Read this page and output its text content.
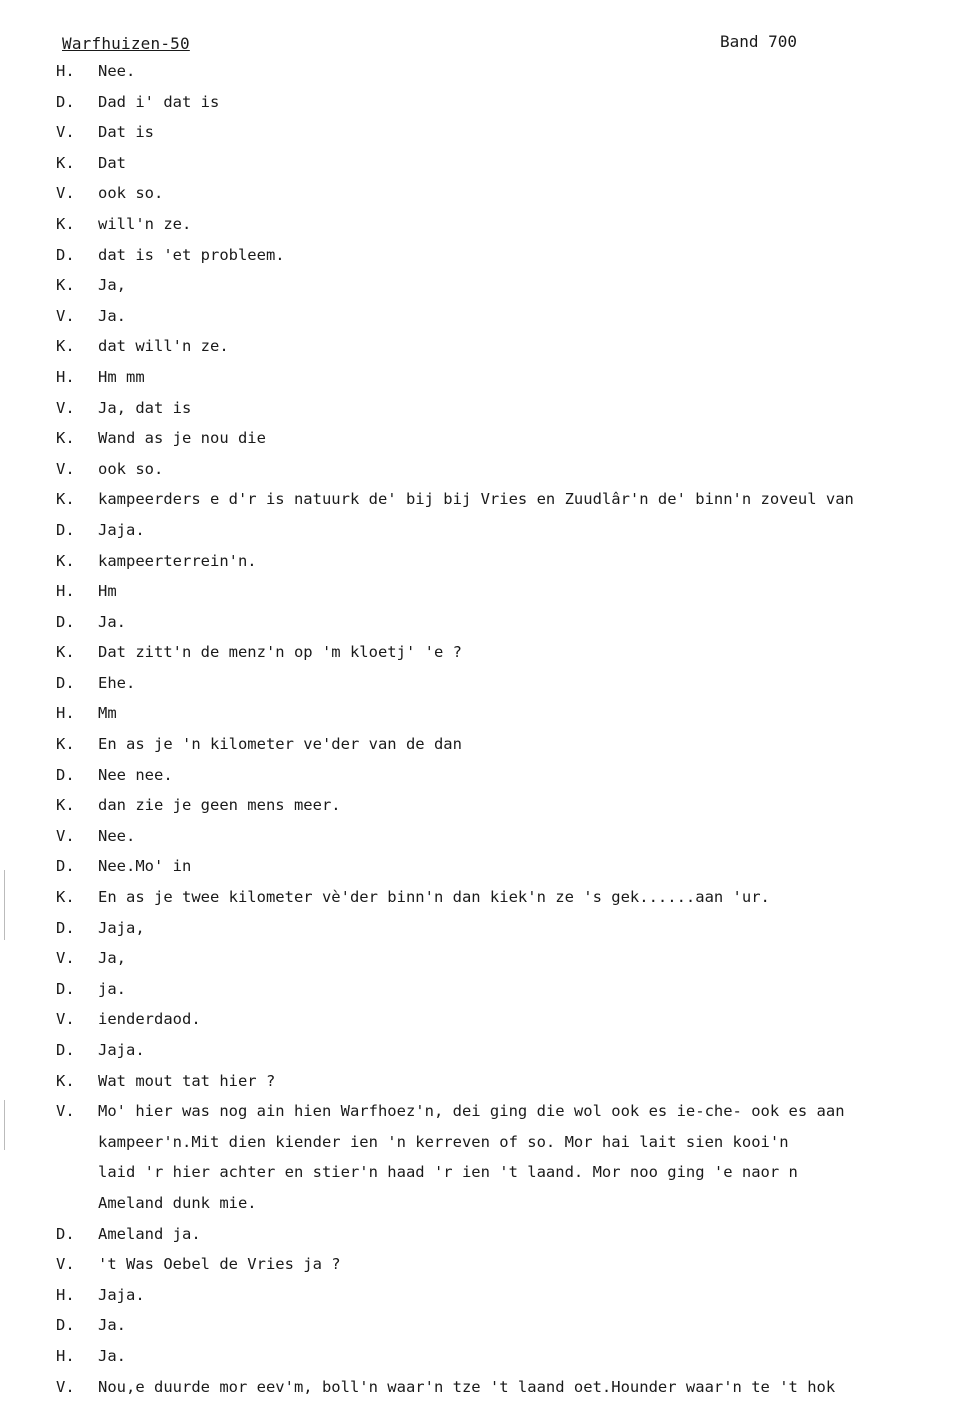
Warfhuizen-50	Band 700
H.	Nee.
D.	Dad i' dat is
V.	Dat is
K.	Dat
V.	ook so.
K.	will'n ze.
D.	dat is 'et probleem.
K.	Ja,
V.	Ja.
K.	dat will'n ze.
H.	Hm mm
V.	Ja, dat is
K.	Wand as je nou die
V.	ook so.
K.	kampeerders e d'r is natuurk de' bij bij Vries en Zuudlâr'n de' binn'n zoveul van
D.	Jaja.
K.	kampeerterrein'n.
H.	Hm
D.	Ja.
K.	Dat zitt'n de menz'n op 'm kloetj' 'e ?
D.	Ehe.
H.	Mm
K.	En as je 'n kilometer ve'der van de dan
D.	Nee nee.
K.	dan zie je geen mens meer.
V.	Nee.
D.	Nee.Mo' in
K.	En as je twee kilometer vè'der binn'n dan kiek'n ze 's gek......aan 'ur.
D.	Jaja,
V.	Ja,
D.	ja.
V.	ienderdaod.
D.	Jaja.
K.	Wat mout tat hier ?
V.	Mo' hier was nog ain hien Warfhoez'n, dei ging die wol ook es ie-che- ook es aan
kampeer'n.Mit dien kiender ien 'n kerreven of so. Mor hai lait sien kooi'n
laid 'r hier achter en stier'n haad 'r ien 't laand. Mor noo ging 'e naor n
Ameland dunk mie.
D.	Ameland ja.
V.	't Was Oebel de Vries ja ?
H.	Jaja.
D.	Ja.
H.	Ja.
V.	Nou,e duurde mor eev'm, boll'n waar'n tze 't laand oet.Hounder waar'n te 't hok
